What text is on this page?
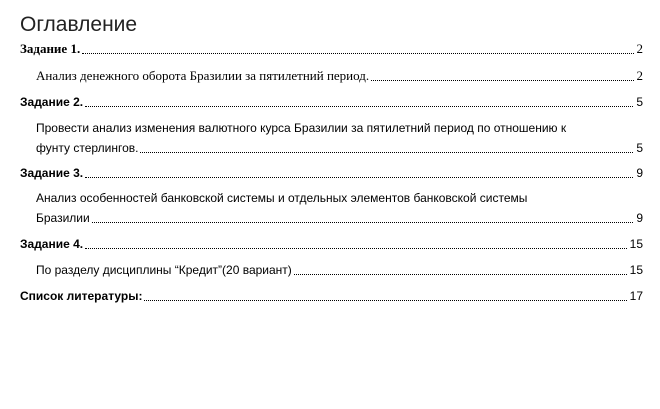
Оглавление
Задание 1.	2
Анализ денежного оборота Бразилии за пятилетний период.	2
Задание 2.	5
Провести анализ изменения валютного курса Бразилии за пятилетний период по отношению к
фунту стерлингов.	5
Задание 3.	9
Анализ особенностей банковской системы и отдельных элементов банковской системы
Бразилии	9
Задание 4.	15
По разделу дисциплины “Кредит”(20 вариант)	15
Список литературы:	17
